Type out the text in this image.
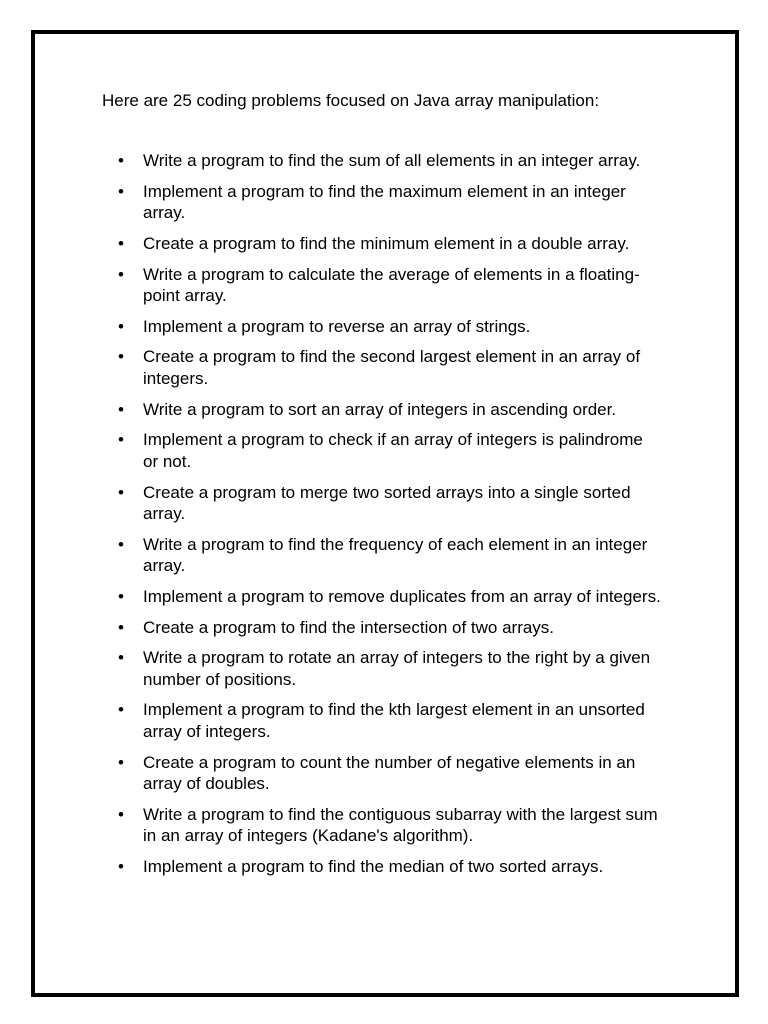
Here are 25 coding problems focused on Java array manipulation:

• Write a program to find the sum of all elements in an integer array.
• Implement a program to find the maximum element in an integer array.
• Create a program to find the minimum element in a double array.
• Write a program to calculate the average of elements in a floating-point array.
• Implement a program to reverse an array of strings.
• Create a program to find the second largest element in an array of integers.
• Write a program to sort an array of integers in ascending order.
• Implement a program to check if an array of integers is palindrome or not.
• Create a program to merge two sorted arrays into a single sorted array.
• Write a program to find the frequency of each element in an integer array.
• Implement a program to remove duplicates from an array of integers.
• Create a program to find the intersection of two arrays.
• Write a program to rotate an array of integers to the right by a given number of positions.
• Implement a program to find the kth largest element in an unsorted array of integers.
• Create a program to count the number of negative elements in an array of doubles.
• Write a program to find the contiguous subarray with the largest sum in an array of integers (Kadane's algorithm).
• Implement a program to find the median of two sorted arrays.
